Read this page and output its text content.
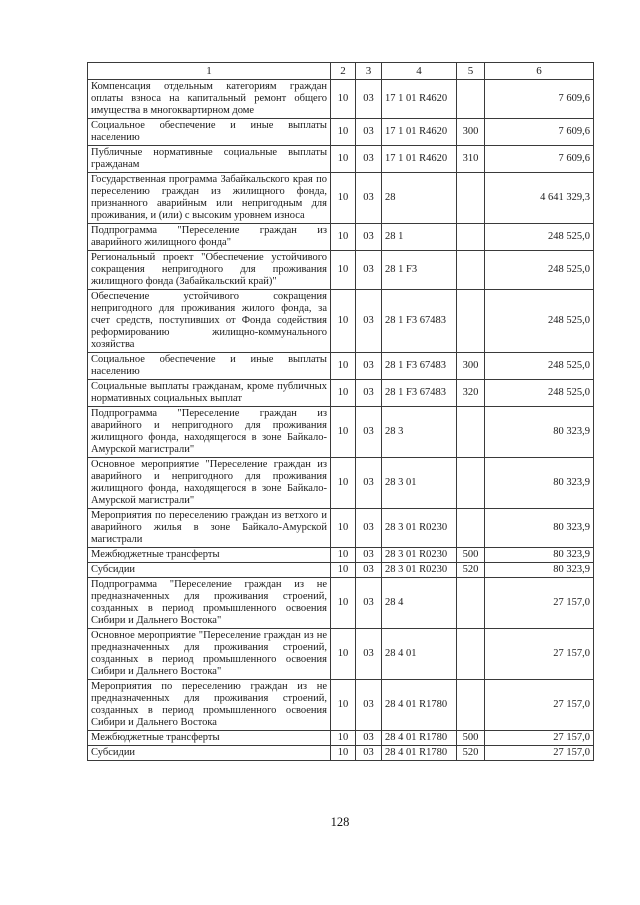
1	2	3	4	5	6
Компенсация отдельным категориям граждан оплаты взноса на капитальный ремонт общего имущества в многоквартирном доме	10	03	17 1 01 R4620		7 609,6
Социальное обеспечение и иные выплаты населению	10	03	17 1 01 R4620	300	7 609,6
Публичные нормативные социальные выплаты гражданам	10	03	17 1 01 R4620	310	7 609,6
Государственная программа Забайкальского края по переселению граждан из жилищного фонда, признанного аварийным или непригодным для проживания, и (или) с высоким уровнем износа	10	03	28		4 641 329,3
Подпрограмма "Переселение граждан из аварийного жилищного фонда"	10	03	28 1		248 525,0
Региональный проект "Обеспечение устойчивого сокращения непригодного для проживания жилищного фонда (Забайкальский край)"	10	03	28 1 F3		248 525,0
Обеспечение устойчивого сокращения непригодного для проживания жилого фонда, за счет средств, поступивших от Фонда содействия реформированию жилищно-коммунального хозяйства	10	03	28 1 F3 67483		248 525,0
Социальное обеспечение и иные выплаты населению	10	03	28 1 F3 67483	300	248 525,0
Социальные выплаты гражданам, кроме публичных нормативных социальных выплат	10	03	28 1 F3 67483	320	248 525,0
Подпрограмма "Переселение граждан из аварийного и непригодного для проживания жилищного фонда, находящегося в зоне Байкало-Амурской магистрали"	10	03	28 3		80 323,9
Основное мероприятие "Переселение граждан из аварийного и непригодного для проживания жилищного фонда, находящегося в зоне Байкало-Амурской магистрали"	10	03	28 3 01		80 323,9
Мероприятия по переселению граждан из ветхого и аварийного жилья в зоне Байкало-Амурской магистрали	10	03	28 3 01 R0230		80 323,9
Межбюджетные трансферты	10	03	28 3 01 R0230	500	80 323,9
Субсидии	10	03	28 3 01 R0230	520	80 323,9
Подпрограмма "Переселение граждан из не предназначенных для проживания строений, созданных в период промышленного освоения Сибири и Дальнего Востока"	10	03	28 4		27 157,0
Основное мероприятие "Переселение граждан из не предназначенных для проживания строений, созданных в период промышленного освоения Сибири и Дальнего Востока"	10	03	28 4 01		27 157,0
Мероприятия по переселению граждан из не предназначенных для проживания строений, созданных в период промышленного освоения Сибири и Дальнего Востока	10	03	28 4 01 R1780		27 157,0
Межбюджетные трансферты	10	03	28 4 01 R1780	500	27 157,0
Субсидии	10	03	28 4 01 R1780	520	27 157,0
128
